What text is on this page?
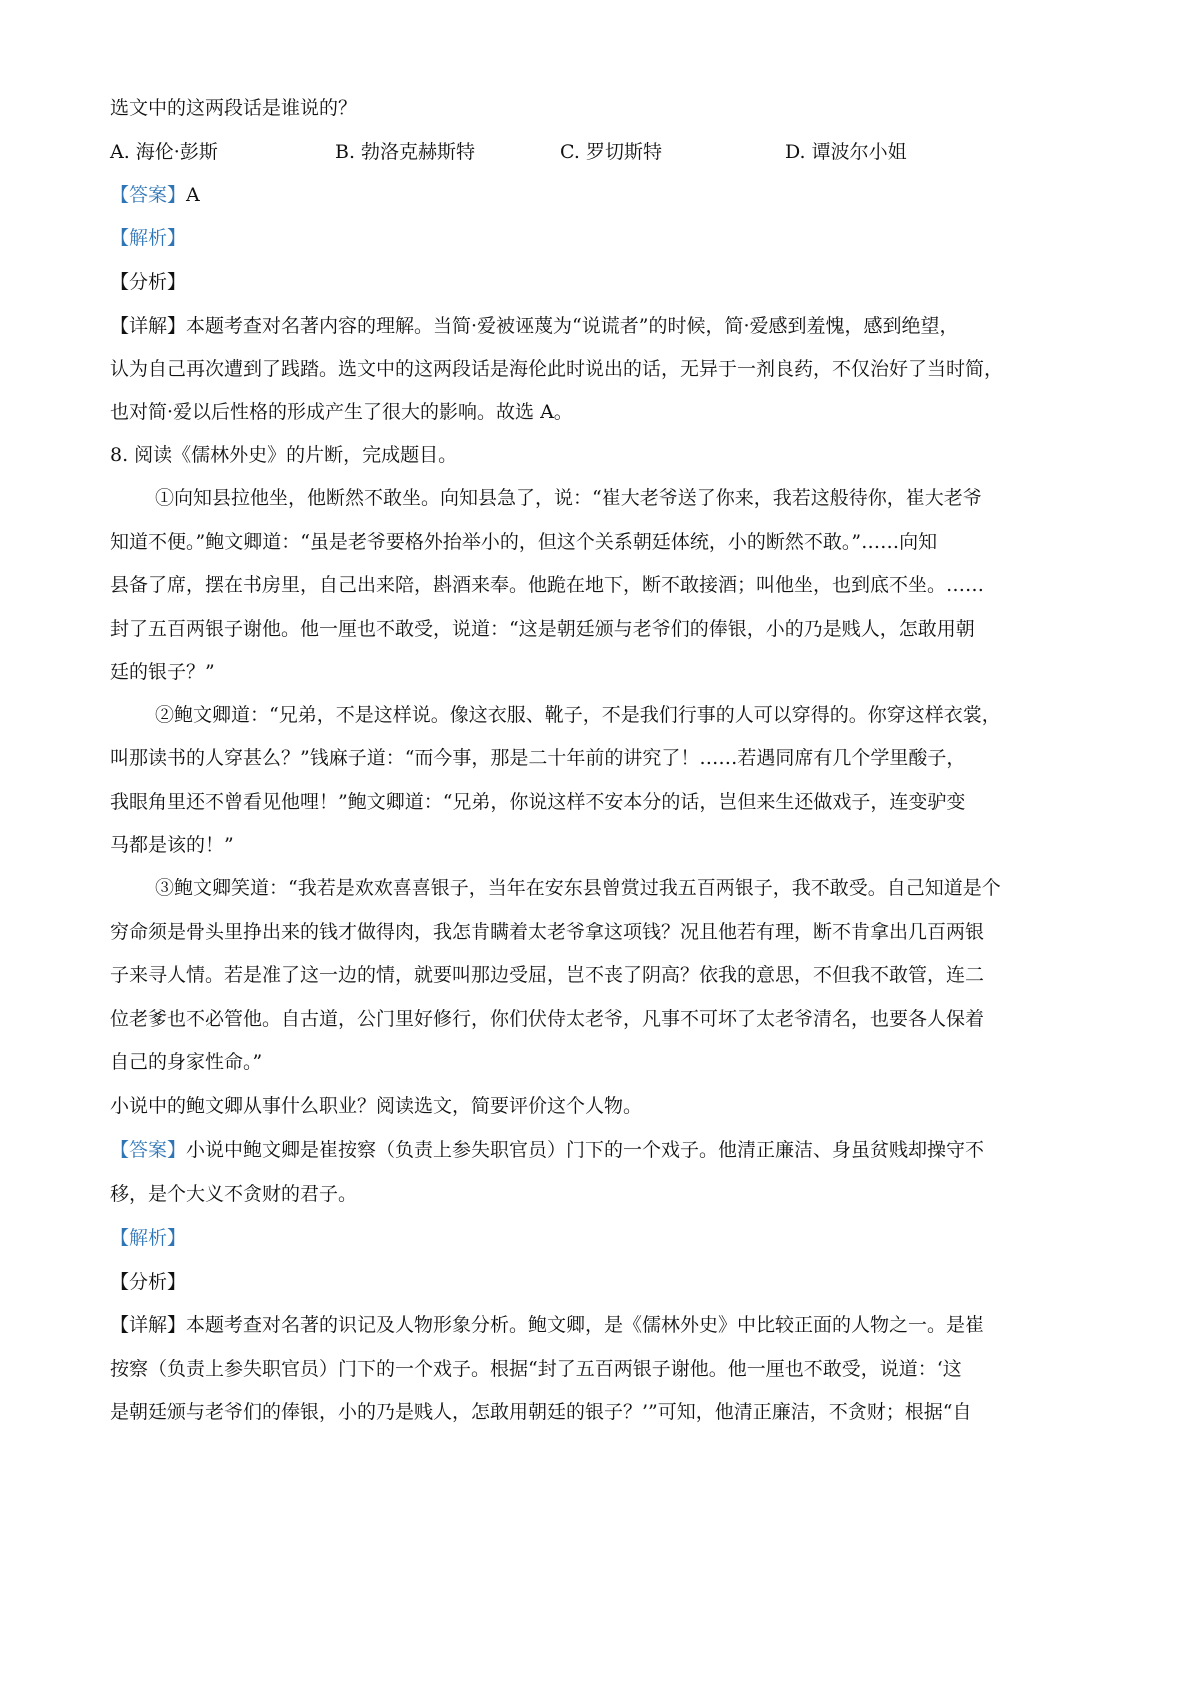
选文中的这两段话是谁说的？
A. 海伦·彭斯	B. 勃洛克赫斯特	C. 罗切斯特	D. 谭波尔小姐
【答案】A
【解析】
【分析】
【详解】本题考查对名著内容的理解。当简·爱被诬蔑为“说谎者”的时候，简·爱感到羞愧，感到绝望，
认为自己再次遭到了践踏。选文中的这两段话是海伦此时说出的话，无异于一剂良药，不仅治好了当时简，
也对简·爱以后性格的形成产生了很大的影响。故选 A。
8. 阅读《儒林外史》的片断，完成题目。
①向知县拉他坐，他断然不敢坐。向知县急了，说：“崔大老爷送了你来，我若这般待你，崔大老爷
知道不便。”鲍文卿道：“虽是老爷要格外抬举小的，但这个关系朝廷体统，小的断然不敢。”……向知
县备了席，摆在书房里，自己出来陪，斟酒来奉。他跪在地下，断不敢接酒；叫他坐，也到底不坐。……
封了五百两银子谢他。他一厘也不敢受，说道：“这是朝廷颁与老爷们的俸银，小的乃是贱人，怎敢用朝
廷的银子？”
②鲍文卿道：“兄弟，不是这样说。像这衣服、靴子，不是我们行事的人可以穿得的。你穿这样衣裳，
叫那读书的人穿甚么？”钱麻子道：“而今事，那是二十年前的讲究了！……若遇同席有几个学里酸子，
我眼角里还不曾看见他哩！”鲍文卿道：“兄弟，你说这样不安本分的话，岂但来生还做戏子，连变驴变
马都是该的！”
③鲍文卿笑道：“我若是欢欢喜喜银子，当年在安东县曾赏过我五百两银子，我不敢受。自己知道是个
穷命须是骨头里挣出来的钱才做得肉，我怎肯瞒着太老爷拿这项钱？况且他若有理，断不肯拿出几百两银
子来寻人情。若是准了这一边的情，就要叫那边受屈，岂不丧了阴高？依我的意思，不但我不敢管，连二
位老爹也不必管他。自古道，公门里好修行，你们伏侍太老爷，凡事不可坏了太老爷清名，也要各人保着
自己的身家性命。”
小说中的鲍文卿从事什么职业？阅读选文，简要评价这个人物。
【答案】小说中鲍文卿是崔按察（负责上参失职官员）门下的一个戏子。他清正廉洁、身虽贫贱却操守不
移，是个大义不贪财的君子。
【解析】
【分析】
【详解】本题考查对名著的识记及人物形象分析。鲍文卿，是《儒林外史》中比较正面的人物之一。是崔
按察（负责上参失职官员）门下的一个戏子。根据“封了五百两银子谢他。他一厘也不敢受，说道：‘这
是朝廷颁与老爷们的俸银，小的乃是贱人，怎敢用朝廷的银子？’”可知，他清正廉洁，不贪财；根据“自
